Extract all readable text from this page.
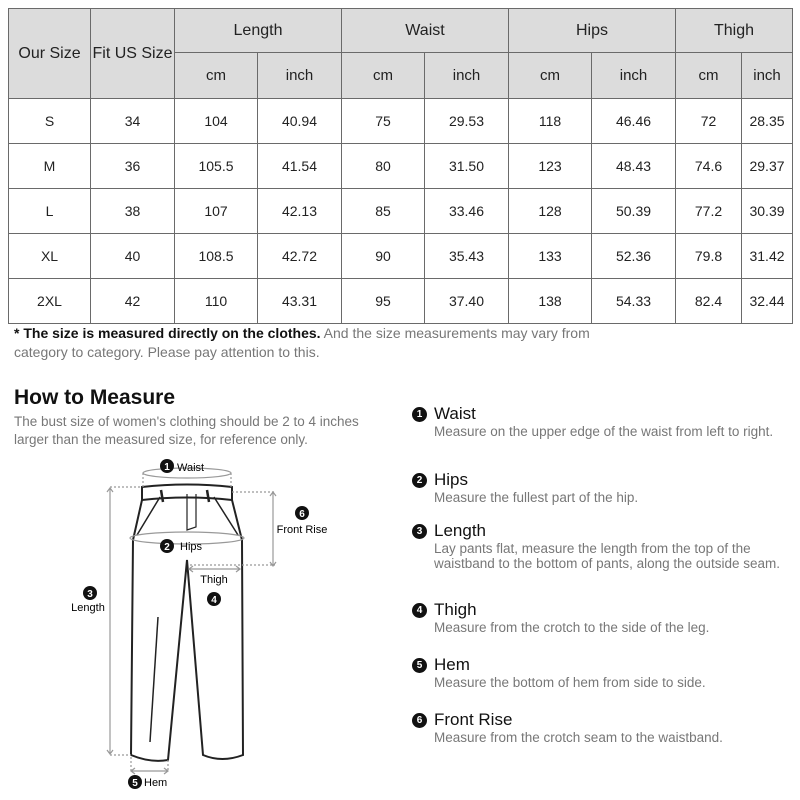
Our Size	Fit US Size	Length		Waist		Hips		Thigh	
		cm	inch	cm	inch	cm	inch	cm	inch
S	34	104	40.94	75	29.53	118	46.46	72	28.35
M	36	105.5	41.54	80	31.50	123	48.43	74.6	29.37
L	38	107	42.13	85	33.46	128	50.39	77.2	30.39
XL	40	108.5	42.72	90	35.43	133	52.36	79.8	31.42
2XL	42	110	43.31	95	37.40	138	54.33	82.4	32.44
* The size is measured directly on the clothes. And the size measurements may vary from category to category. Please pay attention to this.
How to Measure
The bust size of women's clothing should be 2 to 4 inches larger than the measured size, for reference only.
1 Waist
2 Hips
3
Length
Thigh
4
5 Hem
6
Front Rise
1 Waist
Measure on the upper edge of the waist from left to right.
2 Hips
Measure the fullest part of the hip.
3 Length
Lay pants flat, measure the length from the top of the waistband to the bottom of pants, along the outside seam.
4 Thigh
Measure from the crotch to the side of the leg.
5 Hem
Measure the bottom of hem from side to side.
6 Front Rise
Measure from the crotch seam to the waistband.
